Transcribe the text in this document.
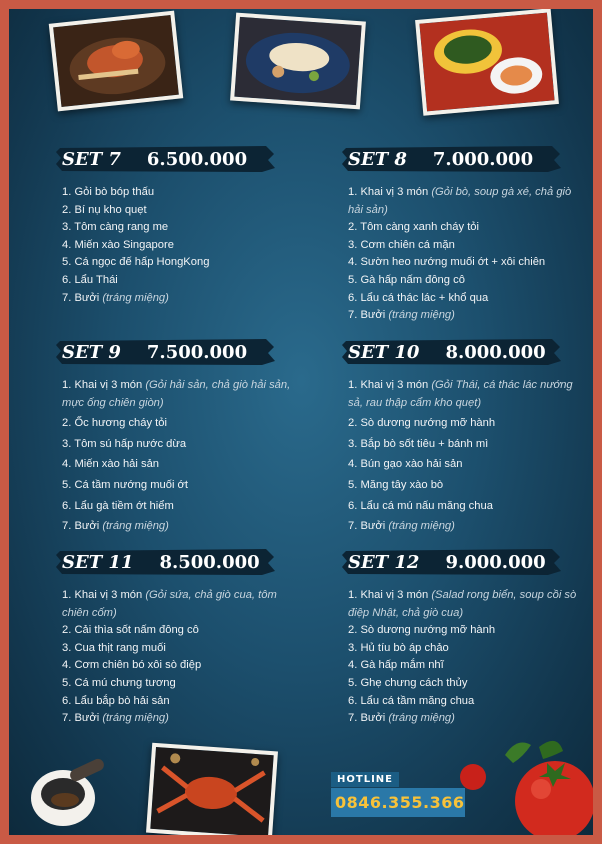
SET 7 6.500.000
1. Gỏi bò bóp thấu
2. Bí nụ kho quẹt
3. Tôm càng rang me
4. Miến xào Singapore
5. Cá ngọc đế hấp HongKong
6. Lẩu Thái
7. Bưởi (tráng miệng)
SET 8 7.000.000
1. Khai vị 3 món (Gỏi bò, soup gà xé, chả giò hải sản)
2. Tôm càng xanh cháy tỏi
3. Cơm chiên cá mặn
4. Sườn heo nướng muối ớt + xôi chiên
5. Gà hấp nấm đông cô
6. Lẩu cá thác lác + khổ qua
7. Bưởi (tráng miệng)
SET 9 7.500.000
1. Khai vị 3 món (Gỏi hải sản, chả giò hải sản, mực ống chiên giòn)
2. Ốc hương cháy tỏi
3. Tôm sú hấp nước dừa
4. Miến xào hải sản
5. Cá tầm nướng muối ớt
6. Lẩu gà tiềm ớt hiểm
7. Bưởi (tráng miệng)
SET 10 8.000.000
1. Khai vị 3 món (Gỏi Thái, cá thác lác nướng sả, rau thập cẩm kho quẹt)
2. Sò dương nướng mỡ hành
3. Bắp bò sốt tiêu + bánh mì
4. Bún gạo xào hải sản
5. Măng tây xào bò
6. Lẩu cá mú nấu măng chua
7. Bưởi (tráng miệng)
SET 11 8.500.000
1. Khai vị 3 món (Gỏi sứa, chả giò cua, tôm chiên cốm)
2. Cải thìa sốt nấm đông cô
3. Cua thịt rang muối
4. Cơm chiên bó xôi sò điệp
5. Cá mú chưng tương
6. Lẩu bắp bò hải sản
7. Bưởi (tráng miệng)
SET 12 9.000.000
1. Khai vị 3 món (Salad rong biển, soup cồi sò điệp Nhật, chả giò cua)
2. Sò dương nướng mỡ hành
3. Hủ tíu bò áp chảo
4. Gà hấp mắm nhĩ
5. Ghẹ chưng cách thủy
6. Lẩu cá tầm măng chua
7. Bưởi (tráng miệng)
HOTLINE
0846.355.366
